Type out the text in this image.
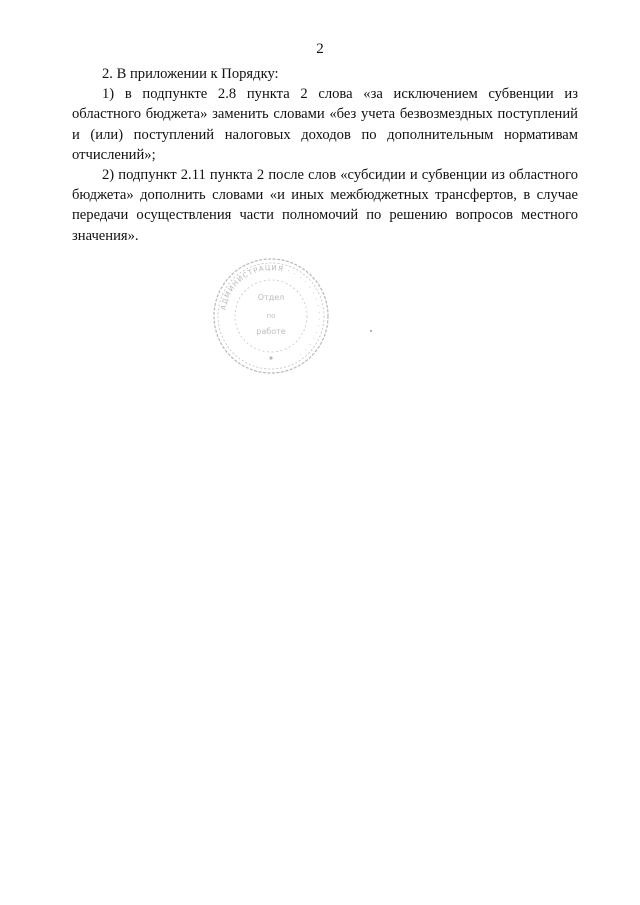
2

2. В приложении к Порядку:

1) в подпункте 2.8 пункта 2 слова «за исключением субвенции из областного бюджета» заменить словами «без учета безвозмездных поступлений и (или) поступлений налоговых доходов по дополнительным нормативам отчислений»;

2) подпункт 2.11 пункта 2 после слов «субсидии и субвенции из областного бюджета» дополнить словами «и иных межбюджетных трансфертов, в случае передачи осуществления части полномочий по решению вопросов местного значения».

АДМИНИСТРАЦИЯ · · · · · · · · · · · · · · · ·
Отдел
по
работе
